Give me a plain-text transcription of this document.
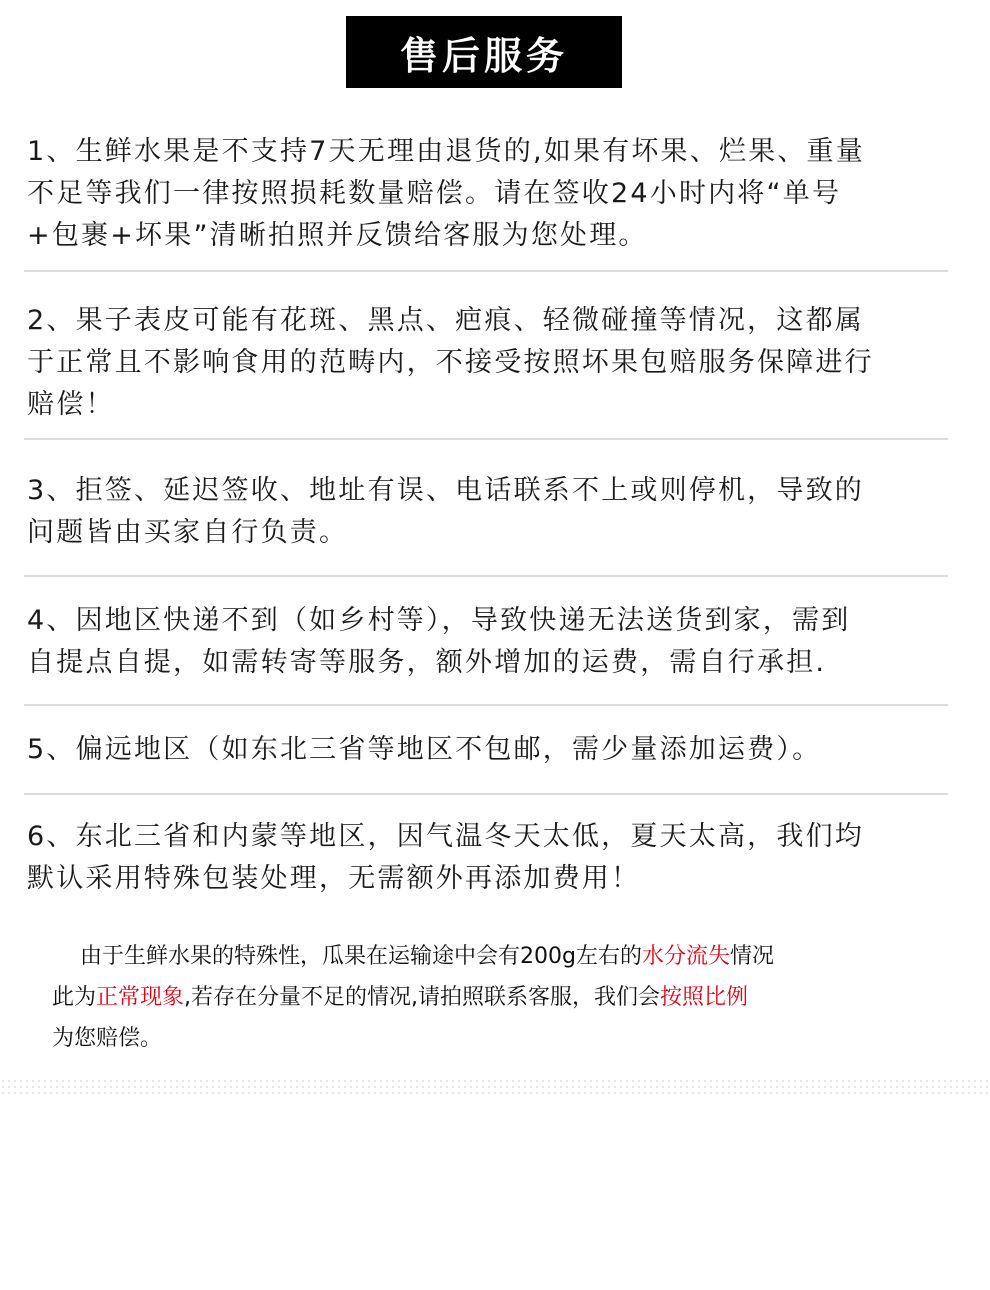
售后服务
1、生鲜水果是不支持7天无理由退货的,如果有坏果、烂果、重量
不足等我们一律按照损耗数量赔偿。请在签收24小时内将“单号
+包裹+坏果”清晰拍照并反馈给客服为您处理。
2、果子表皮可能有花斑、黑点、疤痕、轻微碰撞等情况，这都属
于正常且不影响食用的范畴内，不接受按照坏果包赔服务保障进行
赔偿！
3、拒签、延迟签收、地址有误、电话联系不上或则停机，导致的
问题皆由买家自行负责。
4、因地区快递不到（如乡村等），导致快递无法送货到家，需到
自提点自提，如需转寄等服务，额外增加的运费，需自行承担.
5、偏远地区（如东北三省等地区不包邮，需少量添加运费）。
6、东北三省和内蒙等地区，因气温冬天太低，夏天太高，我们均
默认采用特殊包装处理，无需额外再添加费用！
由于生鲜水果的特殊性，瓜果在运输途中会有200g左右的水分流失情况
此为正常现象,若存在分量不足的情况,请拍照联系客服，我们会按照比例
为您赔偿。
